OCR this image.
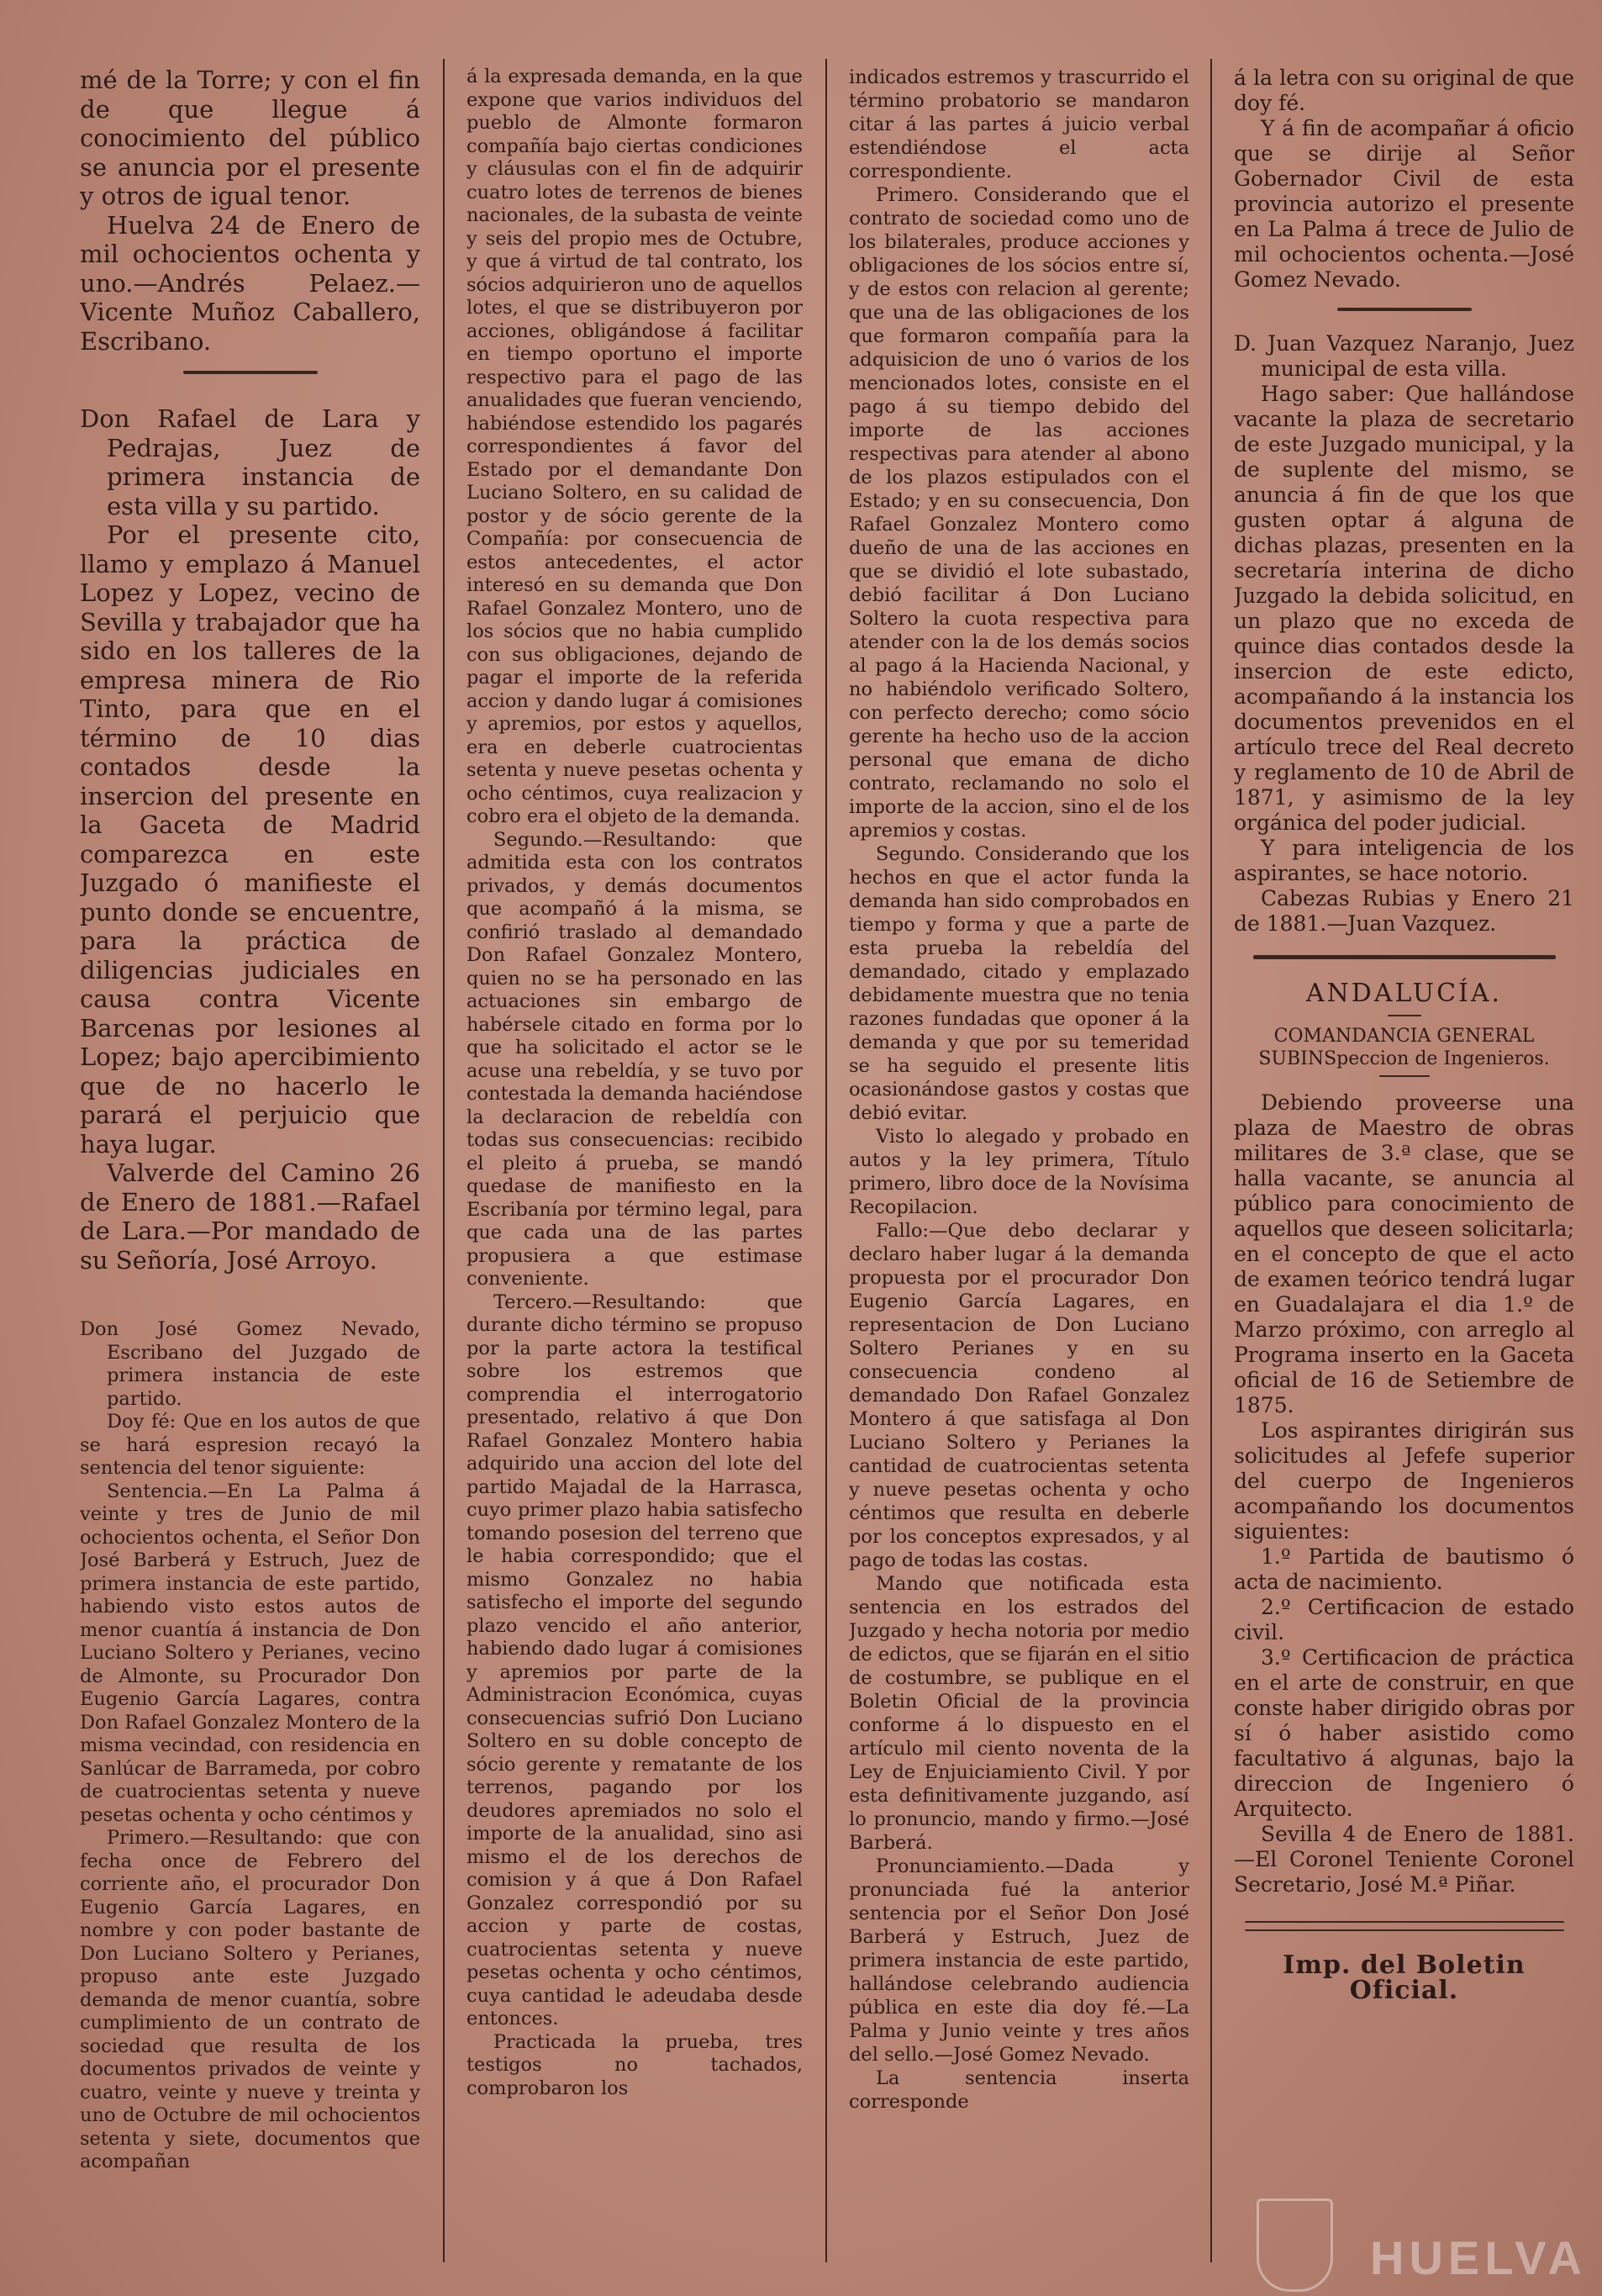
mé de la Torre; y con el fin de que llegue á conocimiento del público se anuncia por el presente y otros de igual tenor.

Huelva 24 de Enero de mil ochocientos ochenta y uno.—Andrés Pelaez.—Vicente Muñoz Caballero, Escribano.

Don Rafael de Lara y Pedrajas, Juez de primera instancia de esta villa y su partido.

Por el presente cito, llamo y emplazo á Manuel Lopez y Lopez, vecino de Sevilla y trabajador que ha sido en los talleres de la empresa minera de Rio Tinto, para que en el término de 10 dias contados desde la insercion del presente en la Gaceta de Madrid comparezca en este Juzgado ó manifieste el punto donde se encuentre, para la práctica de diligencias judiciales en causa contra Vicente Barcenas por lesiones al Lopez; bajo apercibimiento que de no hacerlo le parará el perjuicio que haya lugar.

Valverde del Camino 26 de Enero de 1881.—Rafael de Lara.—Por mandado de su Señoría, José Arroyo.

Don José Gomez Nevado, Escribano del Juzgado de primera instancia de este partido.

Doy fé: Que en los autos de que se hará espresion recayó la sentencia del tenor siguiente:

Sentencia.—En La Palma á veinte y tres de Junio de mil ochocientos ochenta, el Señor Don José Barberá y Estruch, Juez de primera instancia de este partido, habiendo visto estos autos de menor cuantía á instancia de Don Luciano Soltero y Perianes, vecino de Almonte, su Procurador Don Eugenio García Lagares, contra Don Rafael Gonzalez Montero de la misma vecindad, con residencia en Sanlúcar de Barrameda, por cobro de cuatrocientas setenta y nueve pesetas ochenta y ocho céntimos y

Primero.—Resultando: que con fecha once de Febrero del corriente año, el procurador Don Eugenio García Lagares, en nombre y con poder bastante de Don Luciano Soltero y Perianes, propuso ante este Juzgado demanda de menor cuantía, sobre cumplimiento de un contrato de sociedad que resulta de los documentos privados de veinte y cuatro, veinte y nueve y treinta y uno de Octubre de mil ochocientos setenta y siete, documentos que acompañan

á la expresada demanda, en la que expone que varios individuos del pueblo de Almonte formaron compañía bajo ciertas condiciones y cláusulas con el fin de adquirir cuatro lotes de terrenos de bienes nacionales, de la subasta de veinte y seis del propio mes de Octubre, y que á virtud de tal contrato, los sócios adquirieron uno de aquellos lotes, el que se distribuyeron por acciones, obligándose á facilitar en tiempo oportuno el importe respectivo para el pago de las anualidades que fueran venciendo, habiéndose estendido los pagarés correspondientes á favor del Estado por el demandante Don Luciano Soltero, en su calidad de postor y de sócio gerente de la Compañía: por consecuencia de estos antecedentes, el actor interesó en su demanda que Don Rafael Gonzalez Montero, uno de los sócios que no habia cumplido con sus obligaciones, dejando de pagar el importe de la referida accion y dando lugar á comisiones y apremios, por estos y aquellos, era en deberle cuatrocientas setenta y nueve pesetas ochenta y ocho céntimos, cuya realizacion y cobro era el objeto de la demanda.

Segundo.—Resultando: que admitida esta con los contratos privados, y demás documentos que acompañó á la misma, se confirió traslado al demandado Don Rafael Gonzalez Montero, quien no se ha personado en las actuaciones sin embargo de habérsele citado en forma por lo que ha solicitado el actor se le acuse una rebeldía, y se tuvo por contestada la demanda haciéndose la declaracion de rebeldía con todas sus consecuencias: recibido el pleito á prueba, se mandó quedase de manifiesto en la Escribanía por término legal, para que cada una de las partes propusiera a que estimase conveniente.

Tercero.—Resultando: que durante dicho término se propuso por la parte actora la testifical sobre los estremos que comprendia el interrogatorio presentado, relativo á que Don Rafael Gonzalez Montero habia adquirido una accion del lote del partido Majadal de la Harrasca, cuyo primer plazo habia satisfecho tomando posesion del terreno que le habia correspondido; que el mismo Gonzalez no habia satisfecho el importe del segundo plazo vencido el año anterior, habiendo dado lugar á comisiones y apremios por parte de la Administracion Económica, cuyas consecuencias sufrió Don Luciano Soltero en su doble concepto de sócio gerente y rematante de los terrenos, pagando por los deudores apremiados no solo el importe de la anualidad, sino asi mismo el de los derechos de comision y á que á Don Rafael Gonzalez correspondió por su accion y parte de costas, cuatrocientas setenta y nueve pesetas ochenta y ocho céntimos, cuya cantidad le adeudaba desde entonces.

Practicada la prueba, tres testigos no tachados, comprobaron los

indicados estremos y trascurrido el término probatorio se mandaron citar á las partes á juicio verbal estendiéndose el acta correspondiente.

Primero. Considerando que el contrato de sociedad como uno de los bilaterales, produce acciones y obligaciones de los sócios entre sí, y de estos con relacion al gerente; que una de las obligaciones de los que formaron compañía para la adquisicion de uno ó varios de los mencionados lotes, consiste en el pago á su tiempo debido del importe de las acciones respectivas para atender al abono de los plazos estipulados con el Estado; y en su consecuencia, Don Rafael Gonzalez Montero como dueño de una de las acciones en que se dividió el lote subastado, debió facilitar á Don Luciano Soltero la cuota respectiva para atender con la de los demás socios al pago á la Hacienda Nacional, y no habiéndolo verificado Soltero, con perfecto derecho; como sócio gerente ha hecho uso de la accion personal que emana de dicho contrato, reclamando no solo el importe de la accion, sino el de los apremios y costas.

Segundo. Considerando que los hechos en que el actor funda la demanda han sido comprobados en tiempo y forma y que a parte de esta prueba la rebeldía del demandado, citado y emplazado debidamente muestra que no tenia razones fundadas que oponer á la demanda y que por su temeridad se ha seguido el presente litis ocasionándose gastos y costas que debió evitar.

Visto lo alegado y probado en autos y la ley primera, Título primero, libro doce de la Novísima Recopilacion.

Fallo:—Que debo declarar y declaro haber lugar á la demanda propuesta por el procurador Don Eugenio García Lagares, en representacion de Don Luciano Soltero Perianes y en su consecuencia condeno al demandado Don Rafael Gonzalez Montero á que satisfaga al Don Luciano Soltero y Perianes la cantidad de cuatrocientas setenta y nueve pesetas ochenta y ocho céntimos que resulta en deberle por los conceptos expresados, y al pago de todas las costas.

Mando que notificada esta sentencia en los estrados del Juzgado y hecha notoria por medio de edictos, que se fijarán en el sitio de costumbre, se publique en el Boletin Oficial de la provincia conforme á lo dispuesto en el artículo mil ciento noventa de la Ley de Enjuiciamiento Civil. Y por esta definitivamente juzgando, así lo pronuncio, mando y firmo.—José Barberá.

Pronunciamiento.—Dada y pronunciada fué la anterior sentencia por el Señor Don José Barberá y Estruch, Juez de primera instancia de este partido, hallándose celebrando audiencia pública en este dia doy fé.—La Palma y Junio veinte y tres años del sello.—José Gomez Nevado.

La sentencia inserta corresponde

á la letra con su original de que doy fé.

Y á fin de acompañar á oficio que se dirije al Señor Gobernador Civil de esta provincia autorizo el presente en La Palma á trece de Julio de mil ochocientos ochenta.—José Gomez Nevado.

D. Juan Vazquez Naranjo, Juez municipal de esta villa.

Hago saber: Que hallándose vacante la plaza de secretario de este Juzgado municipal, y la de suplente del mismo, se anuncia á fin de que los que gusten optar á alguna de dichas plazas, presenten en la secretaría interina de dicho Juzgado la debida solicitud, en un plazo que no exceda de quince dias contados desde la insercion de este edicto, acompañando á la instancia los documentos prevenidos en el artículo trece del Real decreto y reglamento de 10 de Abril de 1871, y asimismo de la ley orgánica del poder judicial.

Y para inteligencia de los aspirantes, se hace notorio.

Cabezas Rubias y Enero 21 de 1881.—Juan Vazquez.

ANDALUCÍA.
COMANDANCIA GENERAL SUBINSpeccion de Ingenieros.

Debiendo proveerse una plaza de Maestro de obras militares de 3.ª clase, que se halla vacante, se anuncia al público para conocimiento de aquellos que deseen solicitarla; en el concepto de que el acto de examen teórico tendrá lugar en Guadalajara el dia 1.º de Marzo próximo, con arreglo al Programa inserto en la Gaceta oficial de 16 de Setiembre de 1875.

Los aspirantes dirigirán sus solicitudes al Jefefe superior del cuerpo de Ingenieros acompañando los documentos siguientes:

1.º Partida de bautismo ó acta de nacimiento.

2.º Certificacion de estado civil.

3.º Certificacion de práctica en el arte de construir, en que conste haber dirigido obras por sí ó haber asistido como facultativo á algunas, bajo la direccion de Ingeniero ó Arquitecto.

Sevilla 4 de Enero de 1881.—El Coronel Teniente Coronel Secretario, José M.ª Piñar.

Imp. del Boletin Oficial.
HUELVA
